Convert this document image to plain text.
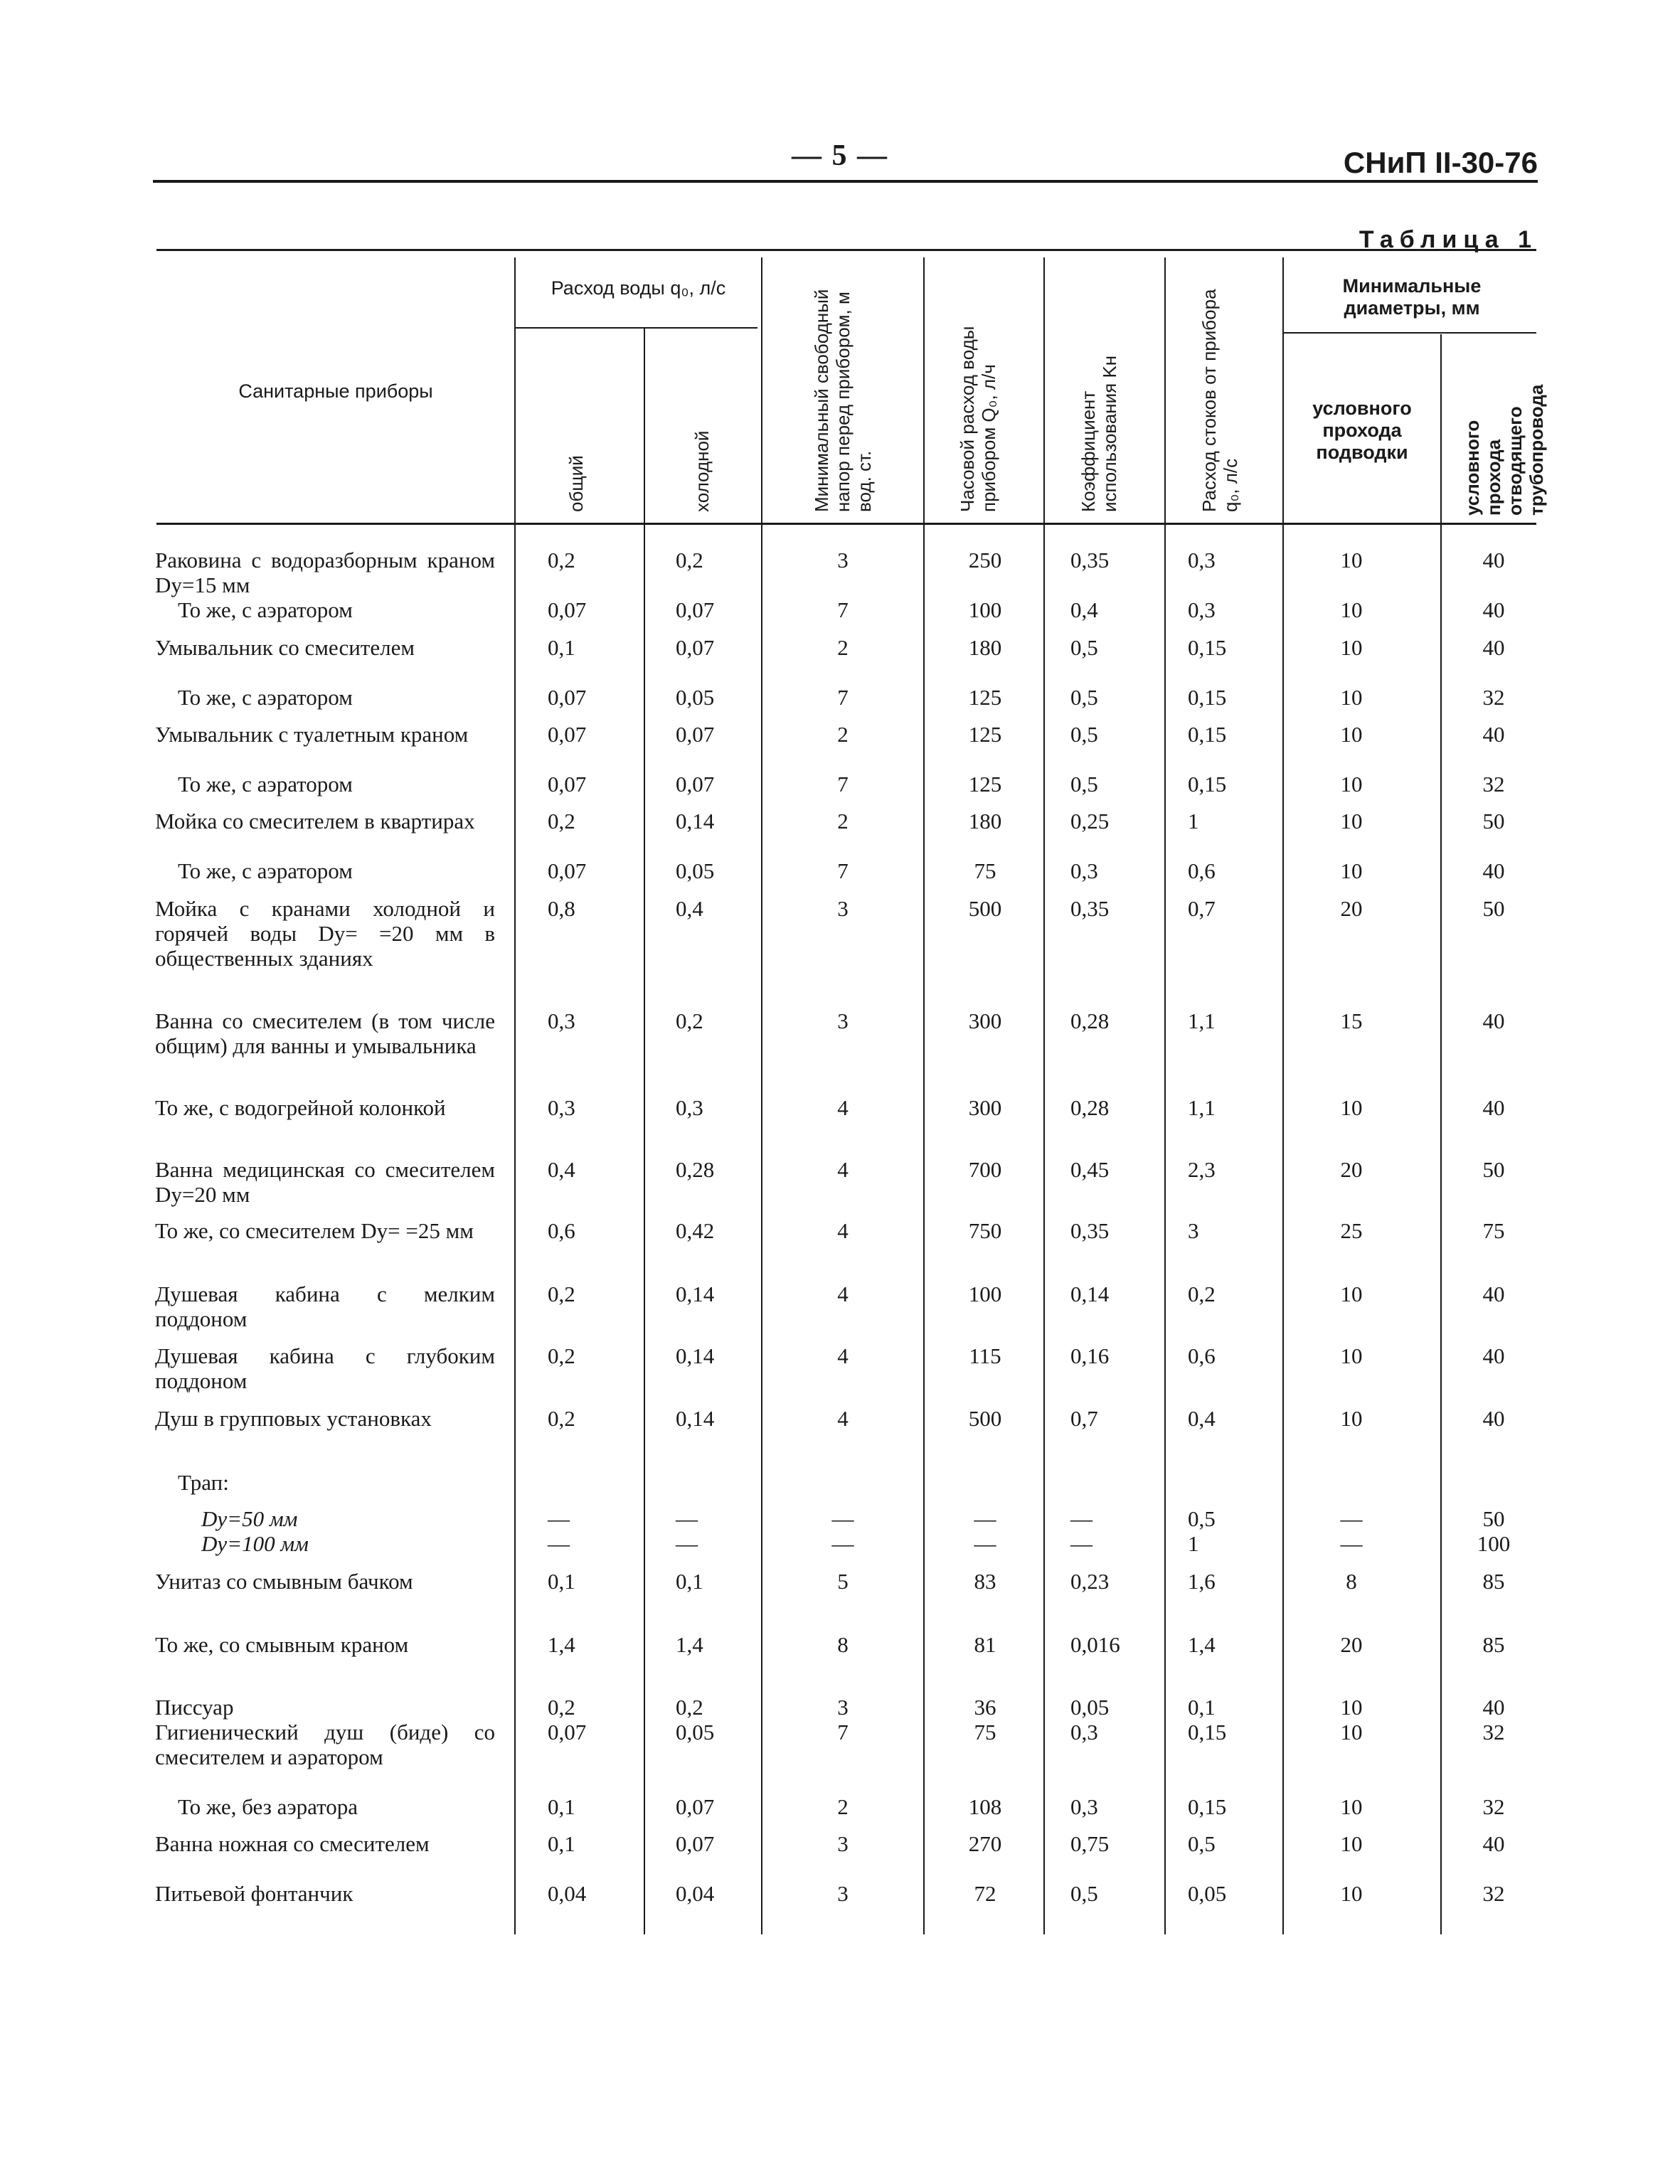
— 5 —	СНиП II-30-76
Таблица 1
Санитарные приборы
Расход воды q₀, л/с
общий	холодной	Минимальный свободный напор перед прибором, м вод. ст.	Часовой расход воды прибором Q₀, л/ч	Коэффициент использования Kн	Расход стоков от прибора q₀, л/с
Минимальные диаметры, мм
условного прохода подводки	условного прохода отводящего трубопровода
Раковина с водоразборным краном Dу=15 мм
0,2	0,2	3	250	0,35	0,3	10	40
То же, с аэратором	0,07	0,07	7	100	0,4	0,3	10	40
Умывальник со смесителем	0,1	0,07	2	180	0,5	0,15	10	40
То же, с аэратором	0,07	0,05	7	125	0,5	0,15	10	32
Умывальник с туалетным краном	0,07	0,07	2	125	0,5	0,15	10	40
То же, с аэратором	0,07	0,07	7	125	0,5	0,15	10	32
Мойка со смесителем в квартирах	0,2	0,14	2	180	0,25	1	10	50
То же, с аэратором	0,07	0,05	7	75	0,3	0,6	10	40
Мойка с кранами холодной и горячей воды Dу= =20 мм в общественных зданиях
0,8	0,4	3	500	0,35	0,7	20	50
Ванна со смесителем (в том числе общим) для ванны и умывальника
0,3	0,2	3	300	0,28	1,1	15	40
То же, с водогрейной колонкой	0,3	0,3	4	300	0,28	1,1	10	40
Ванна медицинская со смесителем Dу=20 мм
0,4	0,28	4	700	0,45	2,3	20	50
То же, со смесителем Dу= =25 мм	0,6	0,42	4	750	0,35	3	25	75
Душевая кабина с мелким поддоном
0,2	0,14	4	100	0,14	0,2	10	40
Душевая кабина с глубоким поддоном
0,2	0,14	4	115	0,16	0,6	10	40
Душ в групповых установках	0,2	0,14	4	500	0,7	0,4	10	40
Трап:
Dу=50 мм	—	—	—	—	—	0,5	—	50
Dу=100 мм	—	—	—	—	—	1	—	100
Унитаз со смывным бачком	0,1	0,1	5	83	0,23	1,6	8	85
То же, со смывным краном	1,4	1,4	8	81	0,016	1,4	20	85
Писсуар	0,2	0,2	3	36	0,05	0,1	10	40
Гигиенический душ (биде) со смесителем и аэратором
0,07	0,05	7	75	0,3	0,15	10	32
То же, без аэратора	0,1	0,07	2	108	0,3	0,15	10	32
Ванна ножная со смесителем	0,1	0,07	3	270	0,75	0,5	10	40
Питьевой фонтанчик	0,04	0,04	3	72	0,5	0,05	10	32
